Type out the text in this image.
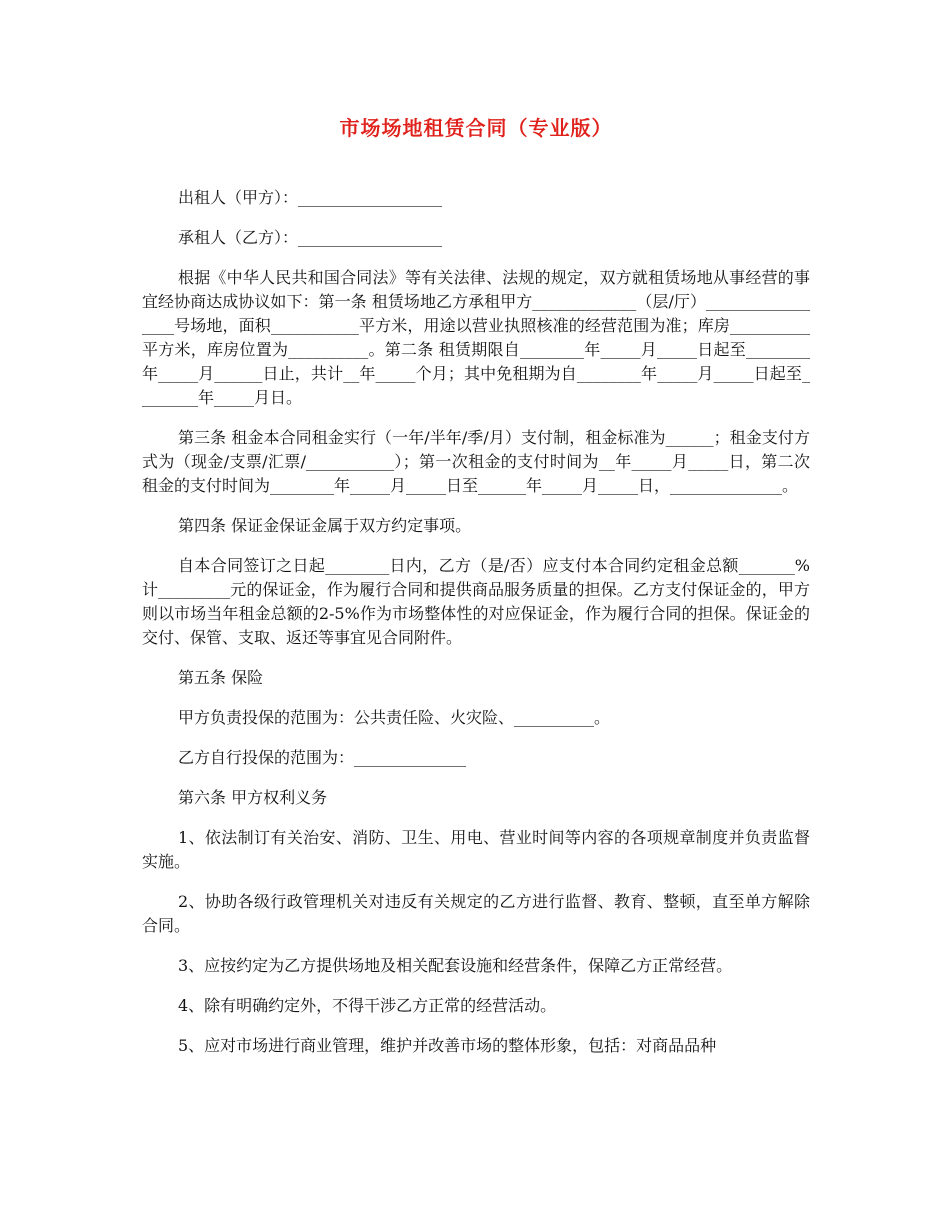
市场场地租赁合同（专业版）

出租人（甲方）：__________________

承租人（乙方）：__________________

根据《中华人民共和国合同法》等有关法律、法规的规定，双方就租赁场地从事经营的事宜经协商达成协议如下：第一条 租赁场地乙方承租甲方_____________（层/厅）_________________号场地，面积___________平方米，用途以营业执照核准的经营范围为准；库房__________平方米，库房位置为__________。第二条 租赁期限自________年_____月_____日起至________年_____月______日止，共计__年_____个月；其中免租期为自________年_____月_____日起至________年_____月日。

第三条 租金本合同租金实行（一年/半年/季/月）支付制，租金标准为______；租金支付方式为（现金/支票/汇票/___________）；第一次租金的支付时间为__年_____月_____日，第二次租金的支付时间为________年_____月_____日至______年_____月_____日，______________。

第四条 保证金保证金属于双方约定事项。

自本合同签订之日起________日内，乙方（是/否）应支付本合同约定租金总额_______%计_________元的保证金，作为履行合同和提供商品服务质量的担保。乙方支付保证金的，甲方则以市场当年租金总额的2-5%作为市场整体性的对应保证金，作为履行合同的担保。保证金的交付、保管、支取、返还等事宜见合同附件。

第五条 保险

甲方负责投保的范围为：公共责任险、火灾险、__________。

乙方自行投保的范围为：______________

第六条 甲方权利义务

1、依法制订有关治安、消防、卫生、用电、营业时间等内容的各项规章制度并负责监督实施。

2、协助各级行政管理机关对违反有关规定的乙方进行监督、教育、整顿，直至单方解除合同。

3、应按约定为乙方提供场地及相关配套设施和经营条件，保障乙方正常经营。

4、除有明确约定外，不得干涉乙方正常的经营活动。

5、应对市场进行商业管理，维护并改善市场的整体形象，包括：对商品品种
